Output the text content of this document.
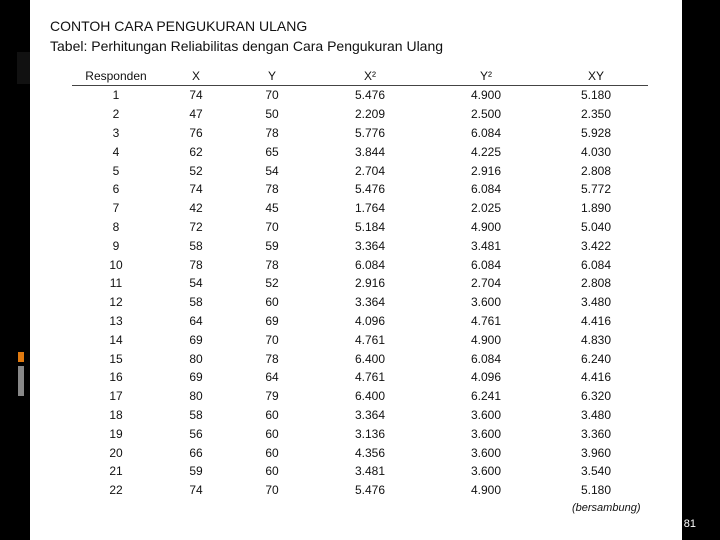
CONTOH CARA PENGUKURAN ULANG
Tabel: Perhitungan Reliabilitas dengan Cara Pengukuran Ulang
Responden	X	Y	X²	Y²	XY
1	74	70	5.476	4.900	5.180
2	47	50	2.209	2.500	2.350
3	76	78	5.776	6.084	5.928
4	62	65	3.844	4.225	4.030
5	52	54	2.704	2.916	2.808
6	74	78	5.476	6.084	5.772
7	42	45	1.764	2.025	1.890
8	72	70	5.184	4.900	5.040
9	58	59	3.364	3.481	3.422
10	78	78	6.084	6.084	6.084
11	54	52	2.916	2.704	2.808
12	58	60	3.364	3.600	3.480
13	64	69	4.096	4.761	4.416
14	69	70	4.761	4.900	4.830
15	80	78	6.400	6.084	6.240
16	69	64	4.761	4.096	4.416
17	80	79	6.400	6.241	6.320
18	58	60	3.364	3.600	3.480
19	56	60	3.136	3.600	3.360
20	66	60	4.356	3.600	3.960
21	59	60	3.481	3.600	3.540
22	74	70	5.476	4.900	5.180
(bersambung)
81
